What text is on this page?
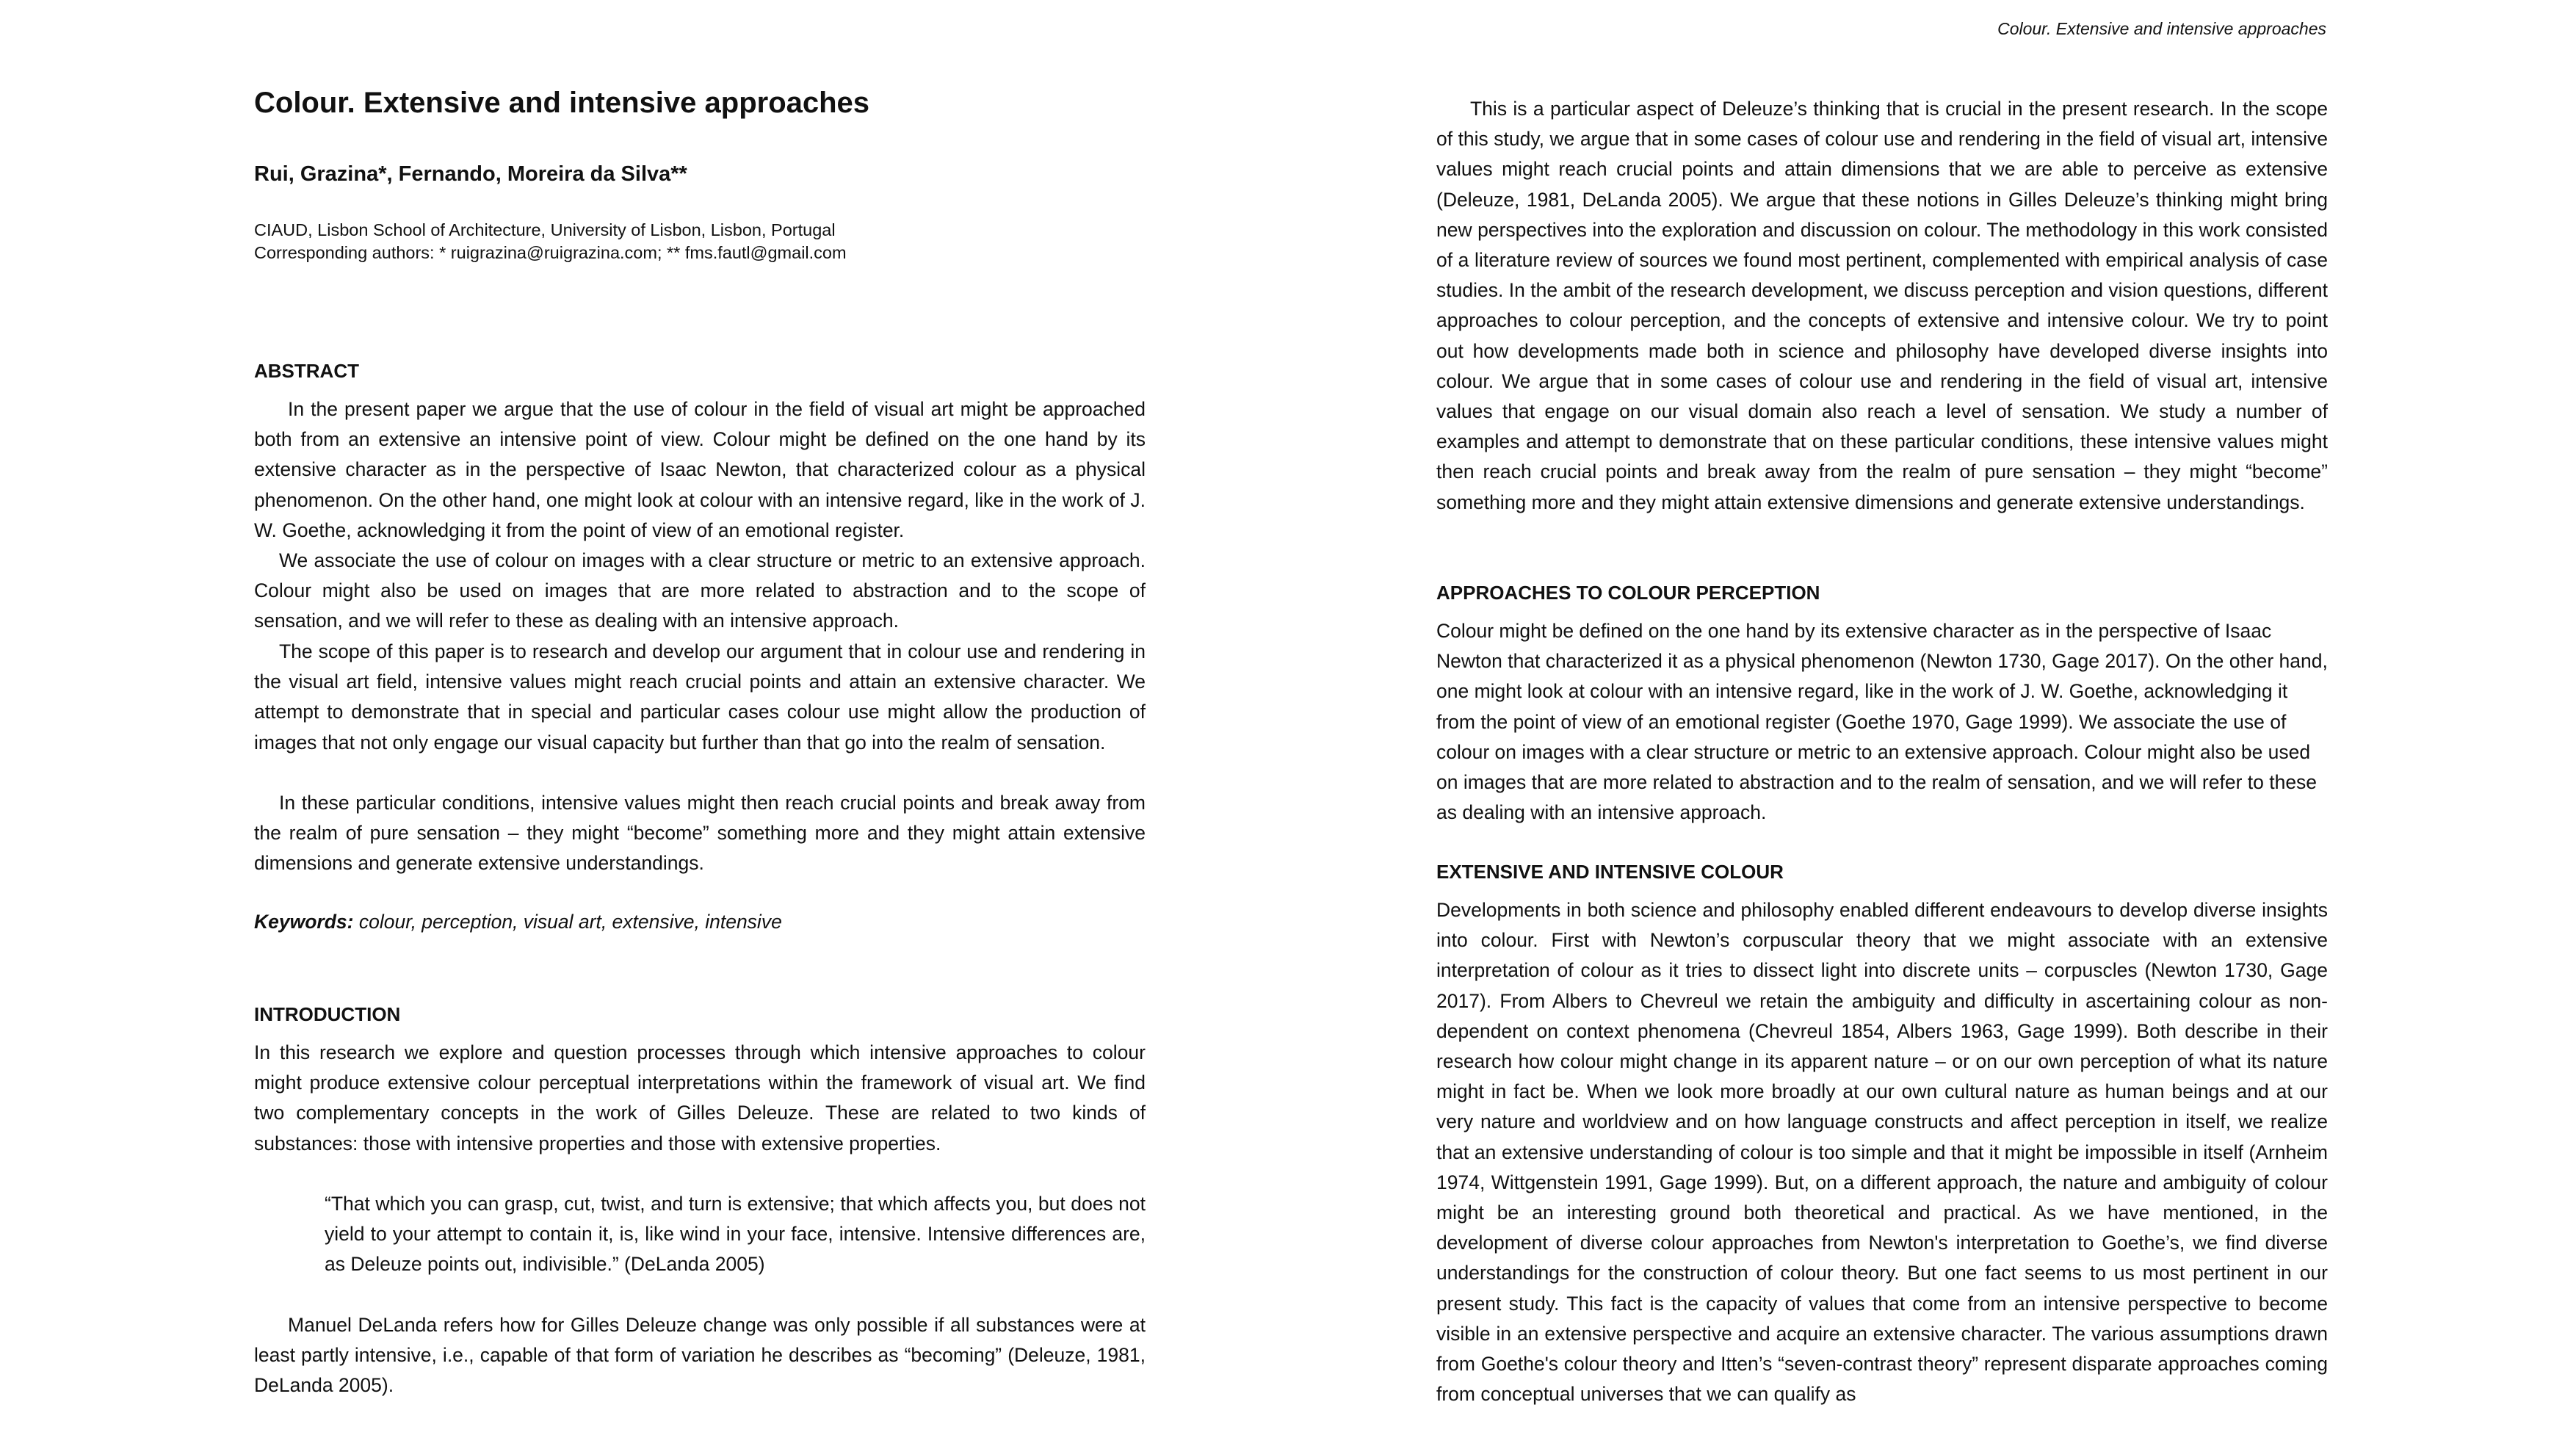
Colour. Extensive and intensive approaches
Colour. Extensive and intensive approaches
Rui, Grazina*, Fernando, Moreira da Silva**
CIAUD, Lisbon School of Architecture, University of Lisbon, Lisbon, Portugal
Corresponding authors: * ruigrazina@ruigrazina.com; ** fms.fautl@gmail.com
ABSTRACT

In the present paper we argue that the use of colour in the field of visual art might be approached both from an extensive an intensive point of view. Colour might be defined on the one hand by its extensive character as in the perspective of Isaac Newton, that characterized colour as a physical phenomenon. On the other hand, one might look at colour with an intensive regard, like in the work of J. W. Goethe, acknowledging it from the point of view of an emotional register.

We associate the use of colour on images with a clear structure or metric to an extensive approach. Colour might also be used on images that are more related to abstraction and to the scope of sensation, and we will refer to these as dealing with an intensive approach.

The scope of this paper is to research and develop our argument that in colour use and rendering in the visual art field, intensive values might reach crucial points and attain an extensive character. We attempt to demonstrate that in special and particular cases colour use might allow the production of images that not only engage our visual capacity but further than that go into the realm of sensation.

In these particular conditions, intensive values might then reach crucial points and break away from the realm of pure sensation – they might “become” something more and they might attain extensive dimensions and generate extensive understandings.

Keywords: colour, perception, visual art, extensive, intensive
INTRODUCTION

In this research we explore and question processes through which intensive approaches to colour might produce extensive colour perceptual interpretations within the framework of visual art. We find two complementary concepts in the work of Gilles Deleuze. These are related to two kinds of substances: those with intensive properties and those with extensive properties.

“That which you can grasp, cut, twist, and turn is extensive; that which affects you, but does not yield to your attempt to contain it, is, like wind in your face, intensive. Intensive differences are, as Deleuze points out, indivisible.” (DeLanda 2005)

Manuel DeLanda refers how for Gilles Deleuze change was only possible if all substances were at least partly intensive, i.e., capable of that form of variation he describes as “becoming” (Deleuze, 1981, DeLanda 2005).

This is a particular aspect of Deleuze’s thinking that is crucial in the present research. In the scope of this study, we argue that in some cases of colour use and rendering in the field of visual art, intensive values might reach crucial points and attain dimensions that we are able to perceive as extensive (Deleuze, 1981, DeLanda 2005). We argue that these notions in Gilles Deleuze’s thinking might bring new perspectives into the exploration and discussion on colour. The methodology in this work consisted of a literature review of sources we found most pertinent, complemented with empirical analysis of case studies. In the ambit of the research development, we discuss perception and vision questions, different approaches to colour perception, and the concepts of extensive and intensive colour. We try to point out how developments made both in science and philosophy have developed diverse insights into colour. We argue that in some cases of colour use and rendering in the field of visual art, intensive values that engage on our visual domain also reach a level of sensation. We study a number of examples and attempt to demonstrate that on these particular conditions, these intensive values might then reach crucial points and break away from the realm of pure sensation – they might “become” something more and they might attain extensive dimensions and generate extensive understandings.

APPROACHES TO COLOUR PERCEPTION

Colour might be defined on the one hand by its extensive character as in the perspective of Isaac Newton that characterized it as a physical phenomenon (Newton 1730, Gage 2017). On the other hand, one might look at colour with an intensive regard, like in the work of J. W. Goethe, acknowledging it from the point of view of an emotional register (Goethe 1970, Gage 1999). We associate the use of colour on images with a clear structure or metric to an extensive approach. Colour might also be used on images that are more related to abstraction and to the realm of sensation, and we will refer to these as dealing with an intensive approach.

EXTENSIVE AND INTENSIVE COLOUR

Developments in both science and philosophy enabled different endeavours to develop diverse insights into colour. First with Newton’s corpuscular theory that we might associate with an extensive interpretation of colour as it tries to dissect light into discrete units – corpuscles (Newton 1730, Gage 2017). From Albers to Chevreul we retain the ambiguity and difficulty in ascertaining colour as non-dependent on context phenomena (Chevreul 1854, Albers 1963, Gage 1999). Both describe in their research how colour might change in its apparent nature – or on our own perception of what its nature might in fact be. When we look more broadly at our own cultural nature as human beings and at our very nature and worldview and on how language constructs and affect perception in itself, we realize that an extensive understanding of colour is too simple and that it might be impossible in itself (Arnheim 1974, Wittgenstein 1991, Gage 1999). But, on a different approach, the nature and ambiguity of colour might be an interesting ground both theoretical and practical. As we have mentioned, in the development of diverse colour approaches from Newton's interpretation to Goethe’s, we find diverse understandings for the construction of colour theory. But one fact seems to us most pertinent in our present study. This fact is the capacity of values that come from an intensive perspective to become visible in an extensive perspective and acquire an extensive character. The various assumptions drawn from Goethe's colour theory and Itten’s “seven-contrast theory” represent disparate approaches coming from conceptual universes that we can qualify as
